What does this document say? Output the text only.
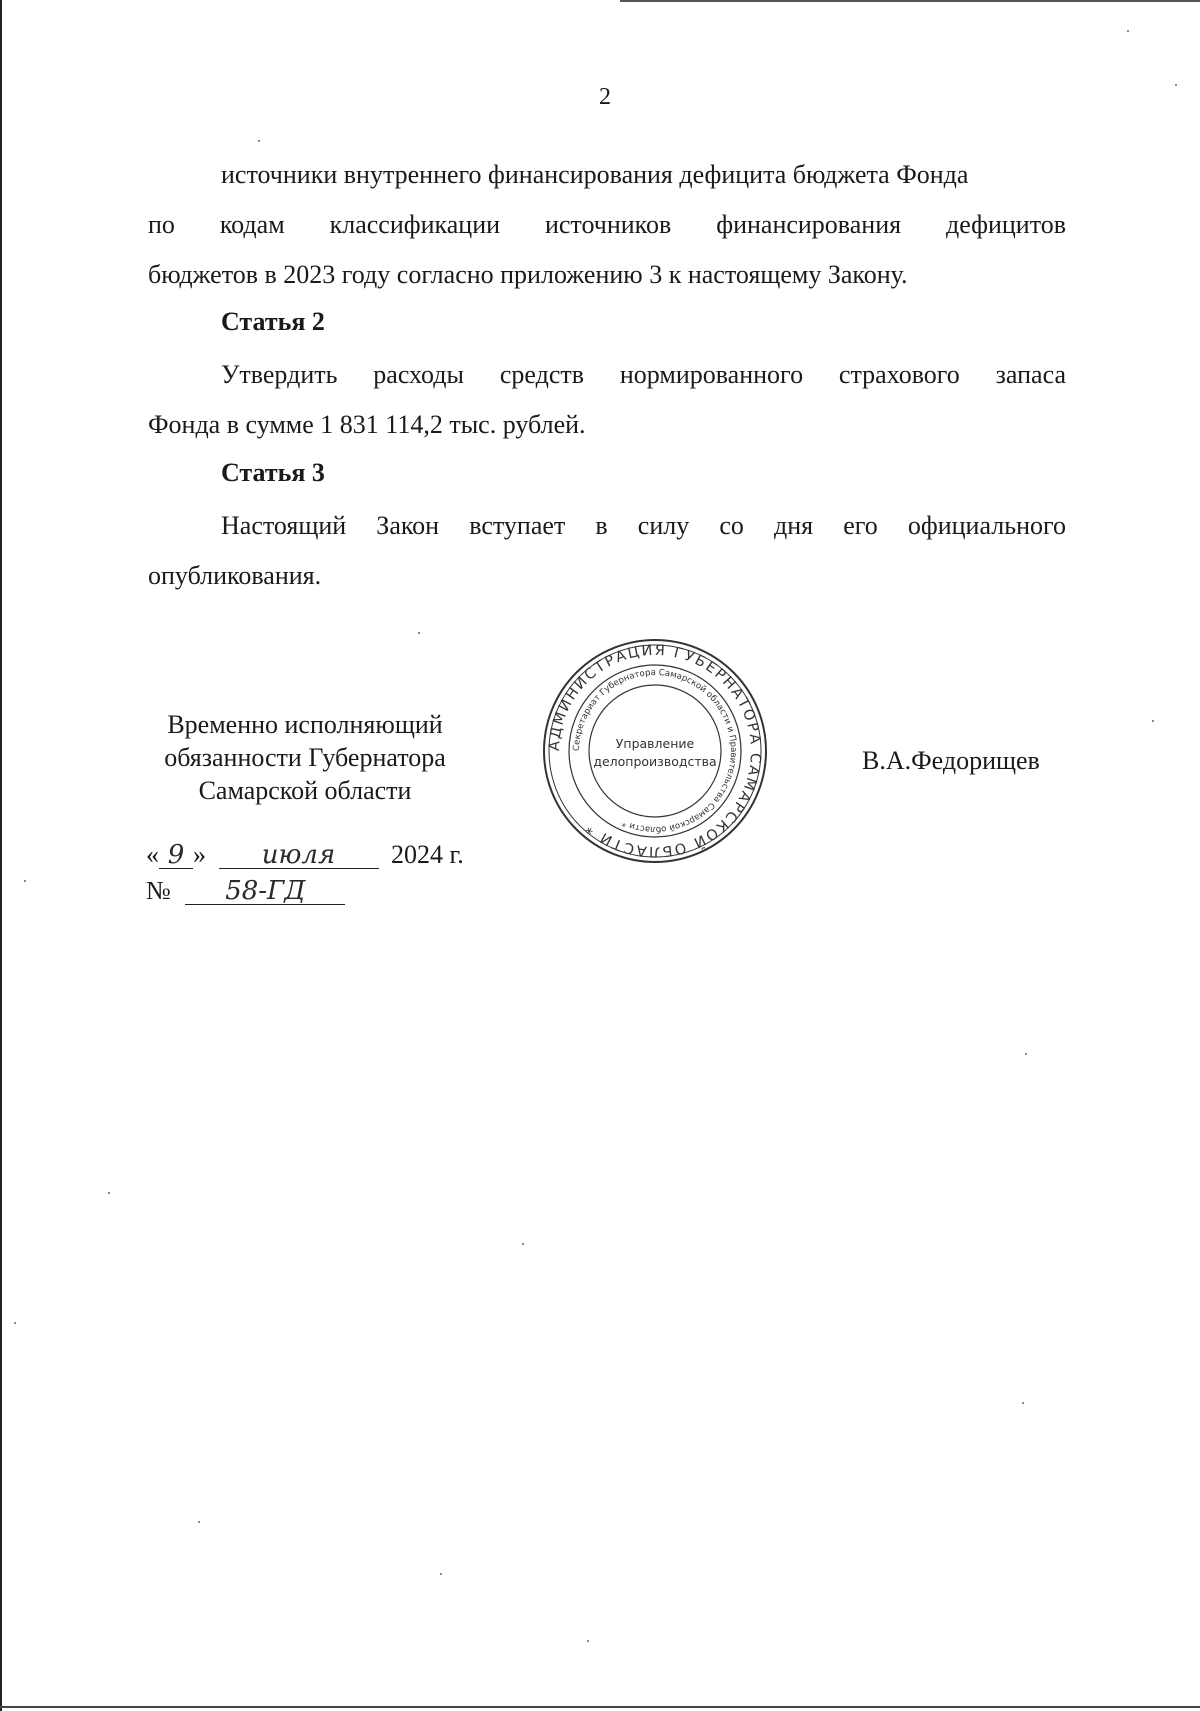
2
источники внутреннего финансирования дефицита бюджета Фонда
по кодам классификации источников финансирования дефицитов
бюджетов в 2023 году согласно приложению 3 к настоящему Закону.
Статья 2
Утвердить расходы средств нормированного страхового запаса
Фонда в сумме 1 831 114,2 тыс. рублей.
Статья 3
Настоящий Закон вступает в силу со дня его официального
опубликования.
Временно исполняющий
обязанности Губернатора
Самарской области
В.А.Федорищев
« 9 » июля 2024 г.
№ 58-ГД
АДМИНИСТРАЦИЯ ГУБЕРНАТОРА САМАРСКОЙ ОБЛАСТИ *
Секретариат Губернатора Самарской области и Правительства Самарской области *
Управление
делопроизводства
